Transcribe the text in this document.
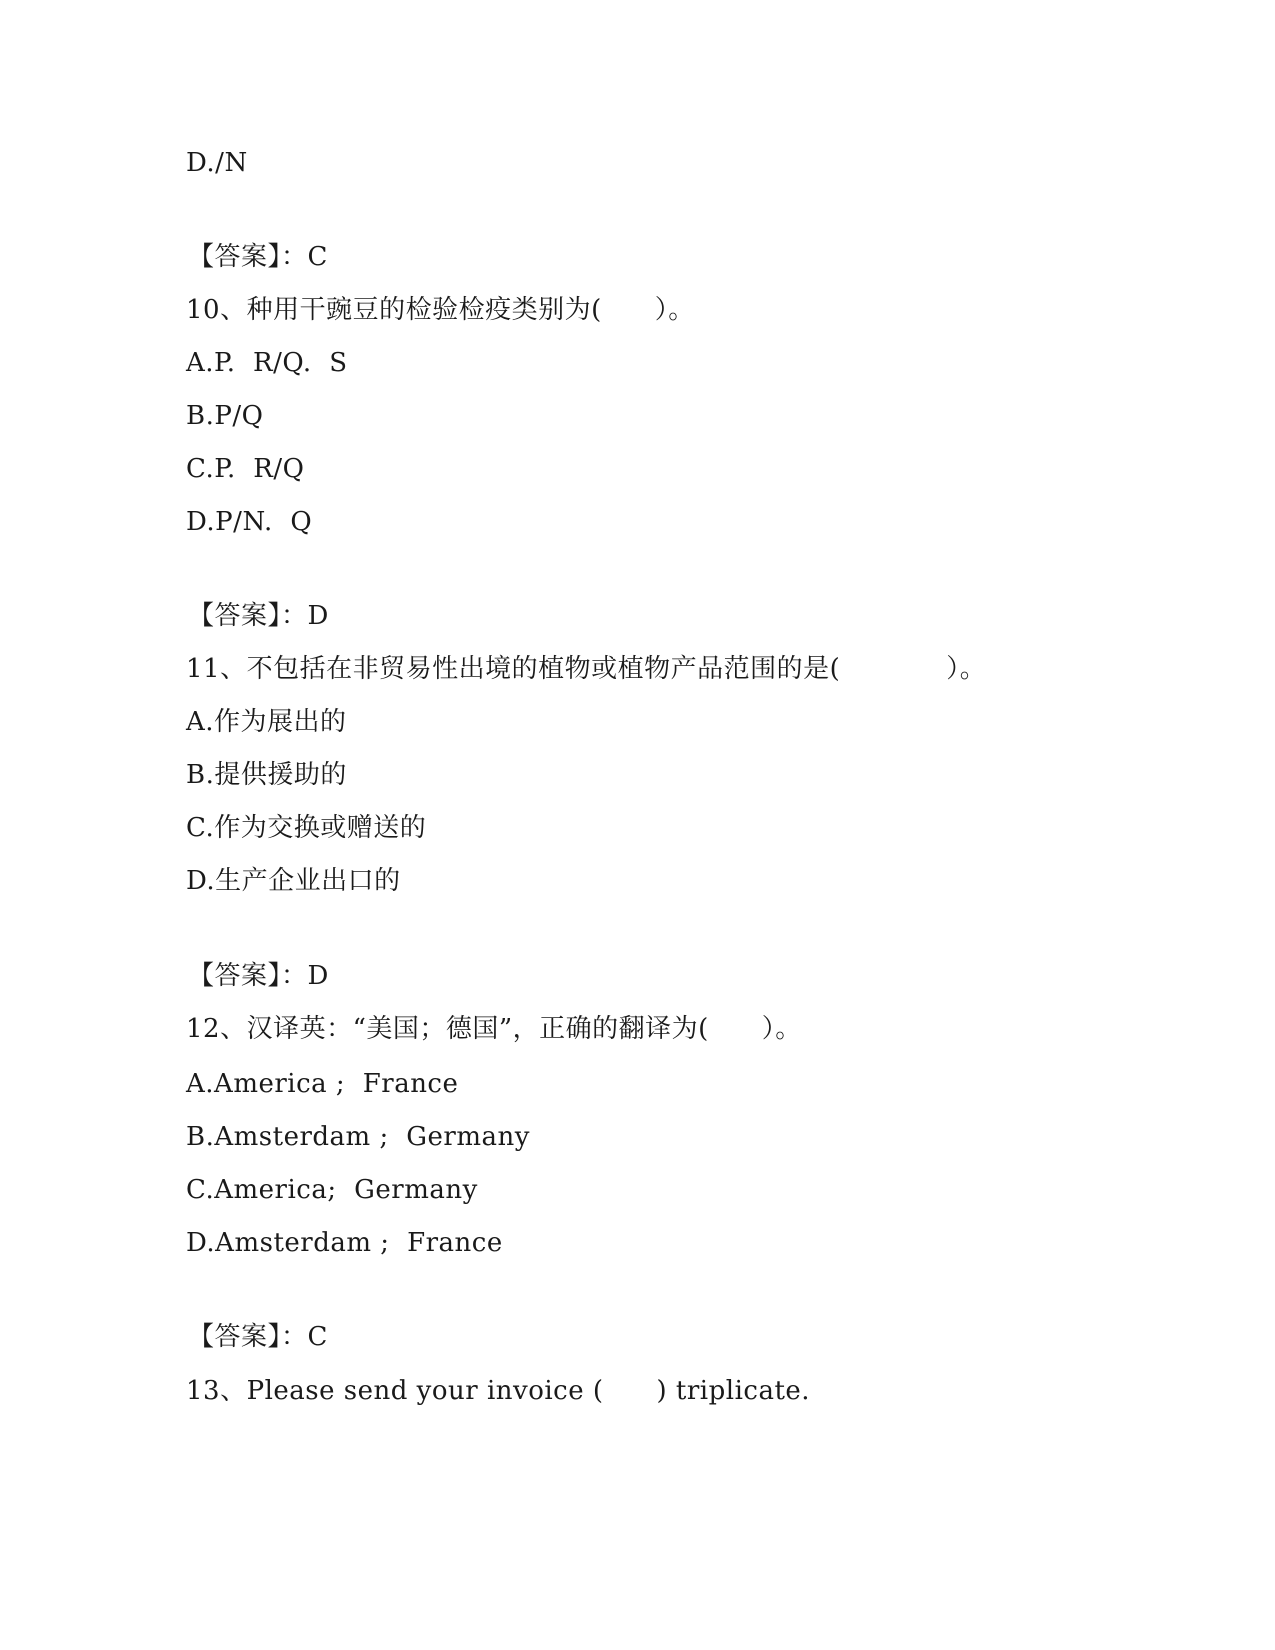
D./N
【答案】：C
10、种用干豌豆的检验检疫类别为(　　）。
A.P.  R/Q.  S
B.P/Q
C.P.  R/Q
D.P/N.  Q
【答案】：D
11、不包括在非贸易性出境的植物或植物产品范围的是(　　　　）。
A.作为展出的
B.提供援助的
C.作为交换或赠送的
D.生产企业出口的
【答案】：D
12、汉译英：“美国；德国”，正确的翻译为(　　）。
A.America ;  France
B.Amsterdam ;  Germany
C.America;  Germany
D.Amsterdam ;  France
【答案】：C
13、Please send your invoice (　　) triplicate.
